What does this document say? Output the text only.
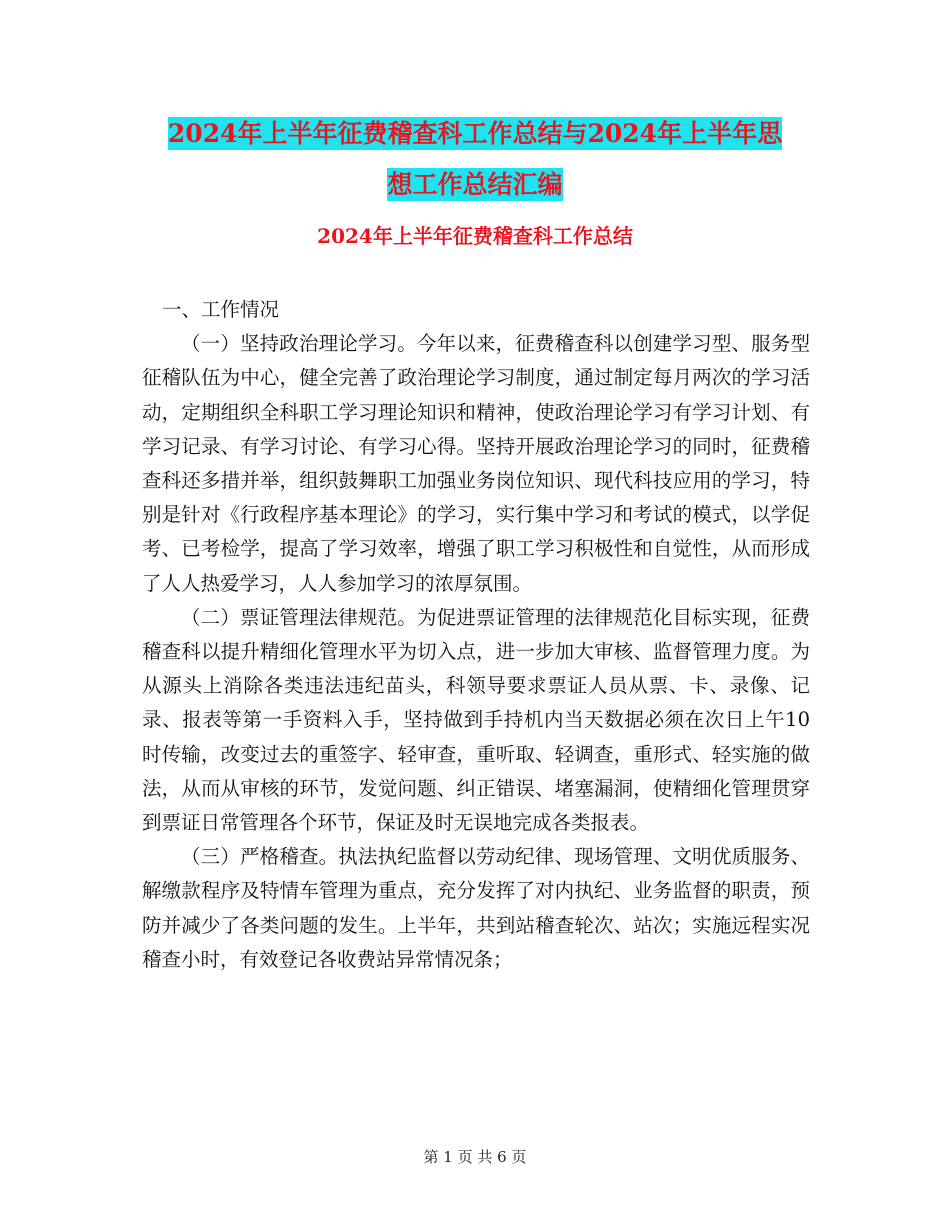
2024年上半年征费稽查科工作总结与2024年上半年思
想工作总结汇编
2024年上半年征费稽查科工作总结

一、工作情况

（一）坚持政治理论学习。今年以来，征费稽查科以创建学习型、服务型征稽队伍为中心，健全完善了政治理论学习制度，通过制定每月两次的学习活动，定期组织全科职工学习理论知识和精神，使政治理论学习有学习计划、有学习记录、有学习讨论、有学习心得。坚持开展政治理论学习的同时，征费稽查科还多措并举，组织鼓舞职工加强业务岗位知识、现代科技应用的学习，特别是针对《行政程序基本理论》的学习，实行集中学习和考试的模式，以学促考、已考检学，提高了学习效率，增强了职工学习积极性和自觉性，从而形成了人人热爱学习，人人参加学习的浓厚氛围。

（二）票证管理法律规范。为促进票证管理的法律规范化目标实现，征费稽查科以提升精细化管理水平为切入点，进一步加大审核、监督管理力度。为从源头上消除各类违法违纪苗头，科领导要求票证人员从票、卡、录像、记录、报表等第一手资料入手，坚持做到手持机内当天数据必须在次日上午10时传输，改变过去的重签字、轻审查，重听取、轻调查，重形式、轻实施的做法，从而从审核的环节，发觉问题、纠正错误、堵塞漏洞，使精细化管理贯穿到票证日常管理各个环节，保证及时无误地完成各类报表。

（三）严格稽查。执法执纪监督以劳动纪律、现场管理、文明优质服务、解缴款程序及特情车管理为重点，充分发挥了对内执纪、业务监督的职责，预防并减少了各类问题的发生。上半年，共到站稽查轮次、站次；实施远程实况稽查小时，有效登记各收费站异常情况条；

第 1 页 共 6 页
